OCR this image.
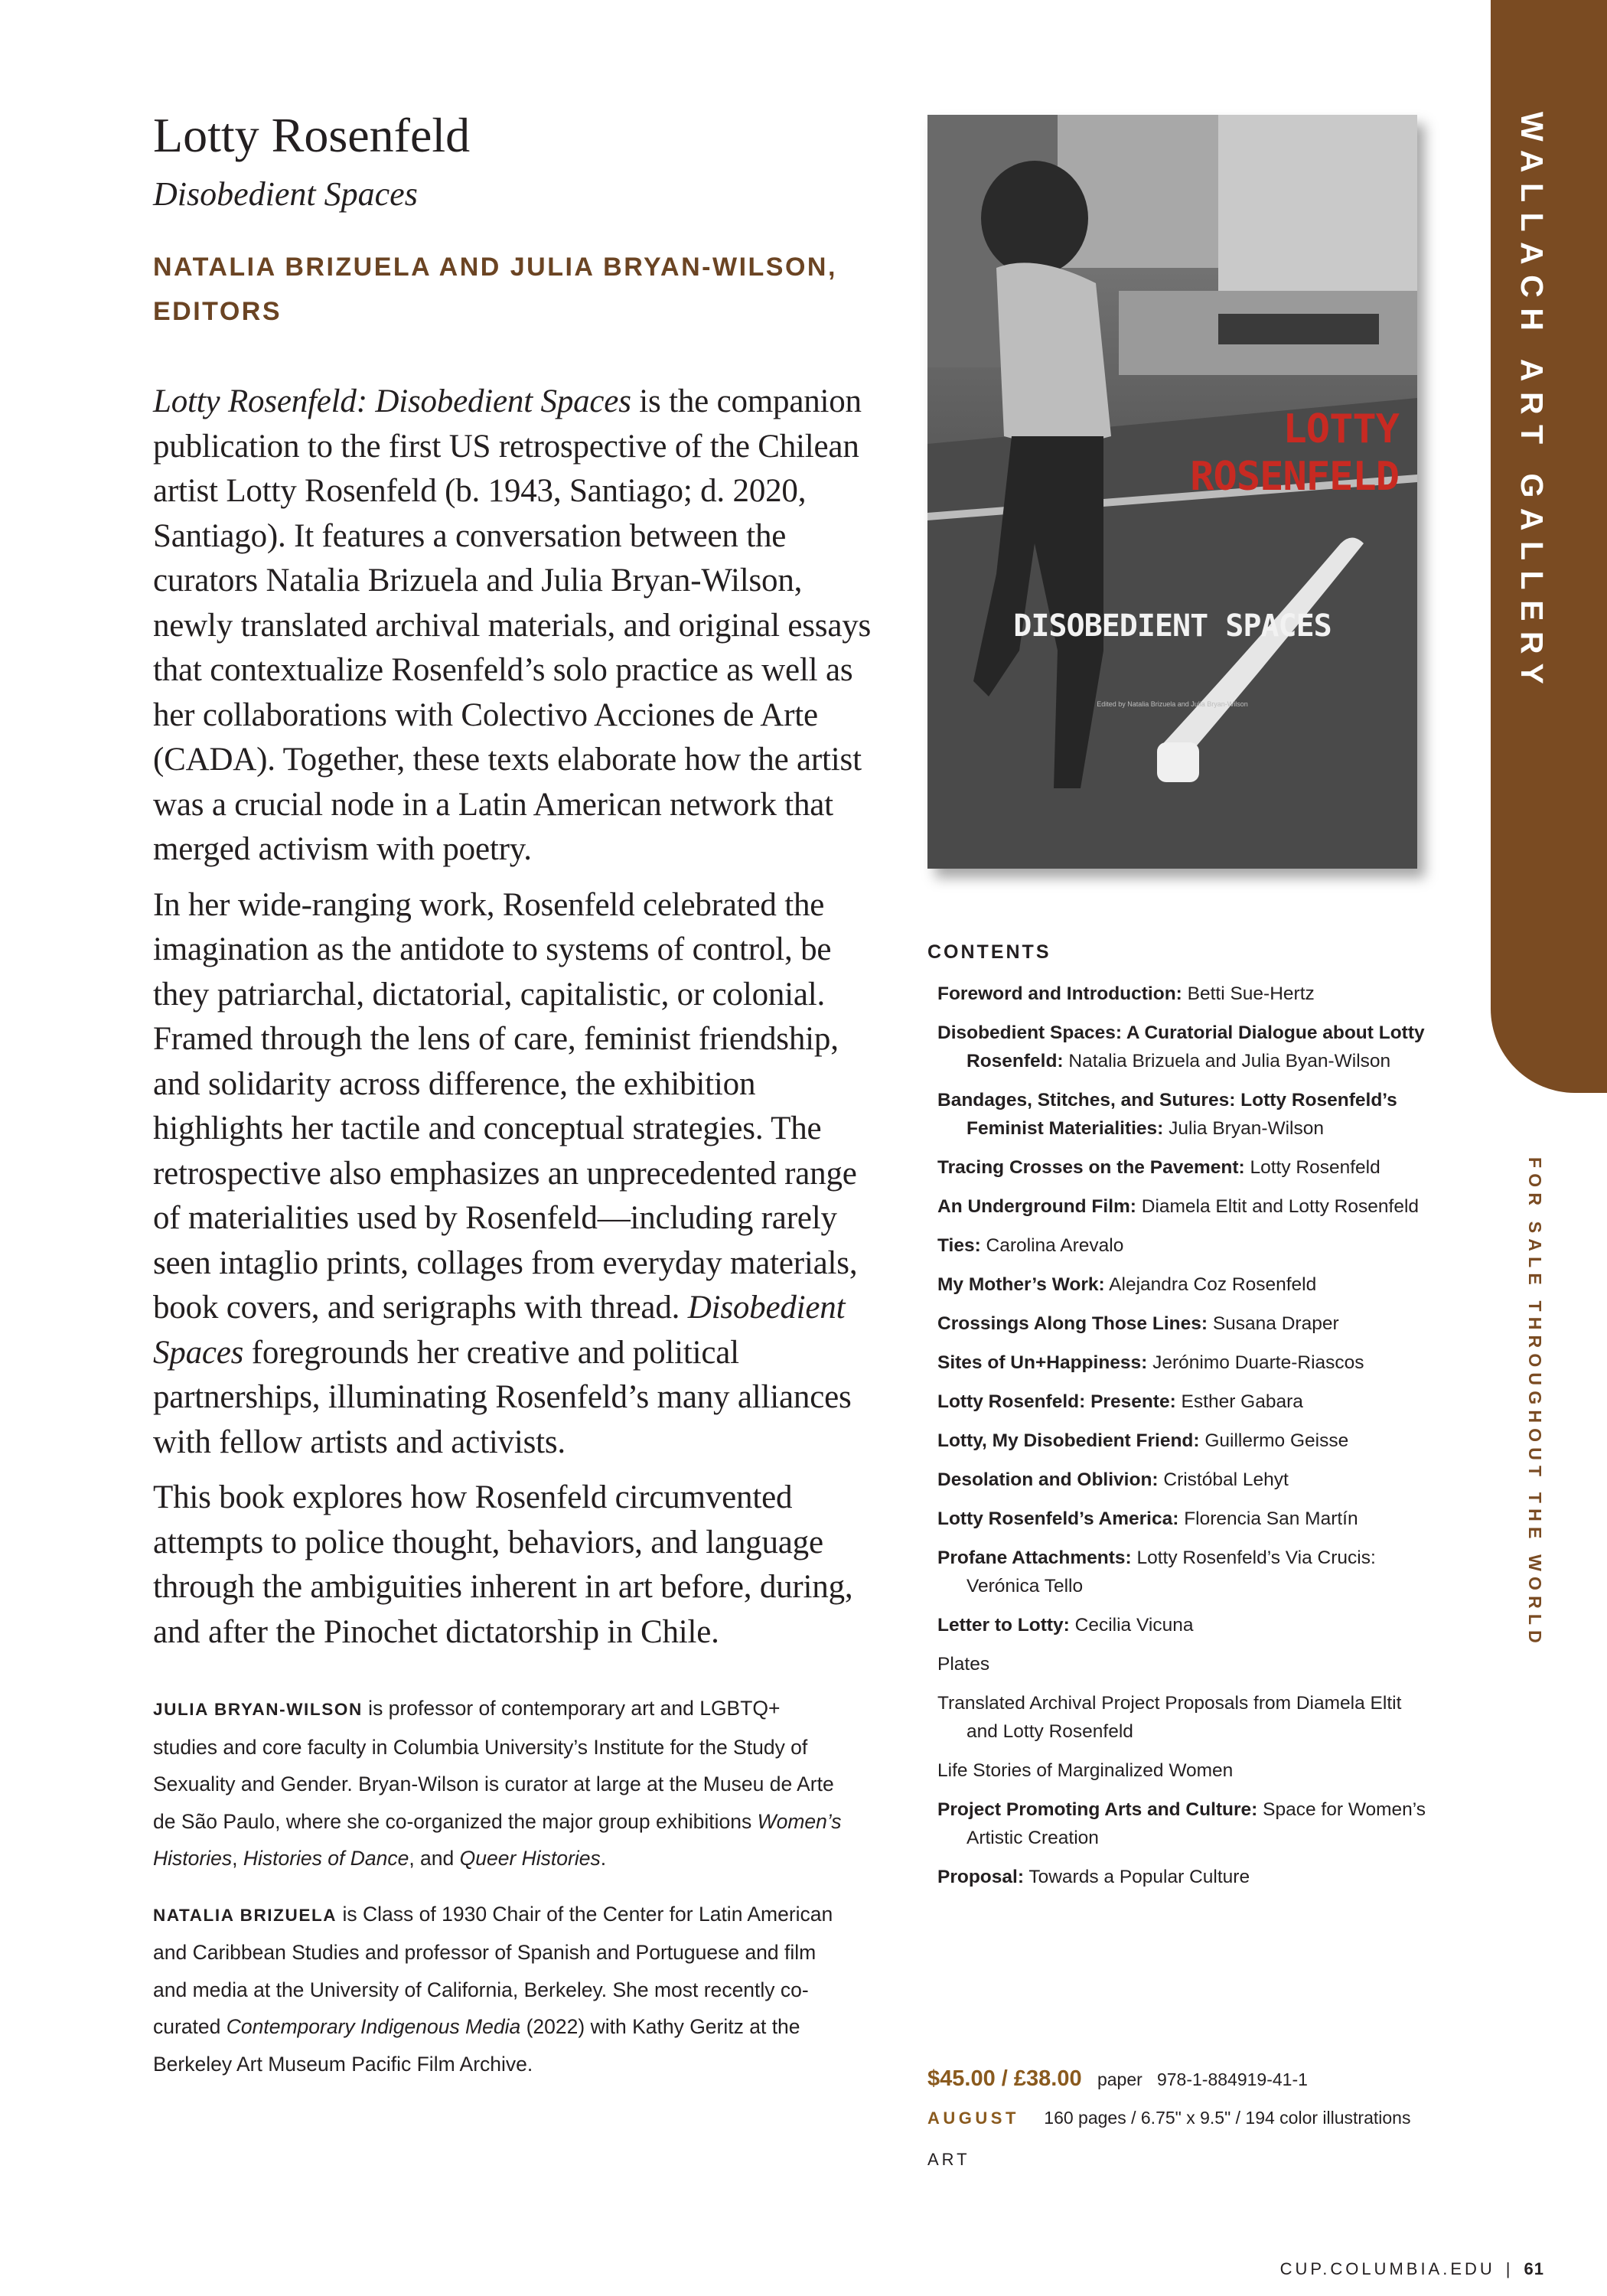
Lotty Rosenfeld
Disobedient Spaces
NATALIA BRIZUELA AND JULIA BRYAN-WILSON,
EDITORS

Lotty Rosenfeld: Disobedient Spaces is the companion publication to the first US retrospective of the Chilean artist Lotty Rosenfeld (b. 1943, Santiago; d. 2020, Santiago). It features a conversation between the curators Natalia Brizuela and Julia Bryan-Wilson, newly translated archival materials, and original essays that contextualize Rosenfeld’s solo practice as well as her collaborations with Colectivo Acciones de Arte (CADA). Together, these texts elaborate how the artist was a crucial node in a Latin American network that merged activism with poetry.

In her wide-ranging work, Rosenfeld celebrated the imagination as the antidote to systems of control, be they patriarchal, dictatorial, capitalistic, or colonial. Framed through the lens of care, feminist friendship, and solidarity across difference, the exhibition highlights her tactile and conceptual strategies. The retrospective also emphasizes an unprecedented range of materialities used by Rosenfeld—including rarely seen intaglio prints, collages from everyday materials, book covers, and serigraphs with thread. Disobedient Spaces foregrounds her creative and political partnerships, illuminating Rosenfeld’s many alliances with fellow artists and activists.

This book explores how Rosenfeld circumvented attempts to police thought, behaviors, and language through the ambiguities inherent in art before, during, and after the Pinochet dictatorship in Chile.

JULIA BRYAN-WILSON is professor of contemporary art and LGBTQ+ studies and core faculty in Columbia University’s Institute for the Study of Sexuality and Gender. Bryan-Wilson is curator at large at the Museu de Arte de São Paulo, where she co-organized the major group exhibitions Women’s Histories, Histories of Dance, and Queer Histories.

NATALIA BRIZUELA is Class of 1930 Chair of the Center for Latin American and Caribbean Studies and professor of Spanish and Portuguese and film and media at the University of California, Berkeley. She most recently co-curated Contemporary Indigenous Media (2022) with Kathy Geritz at the Berkeley Art Museum Pacific Film Archive.

LOTTY
ROSENFELD
DISOBEDIENT SPACES
Edited by Natalia Brizuela and Julia Bryan-Wilson
CONTENTS
Foreword and Introduction: Betti Sue-Hertz
Disobedient Spaces: A Curatorial Dialogue about Lotty Rosenfeld: Natalia Brizuela and Julia Byan-Wilson
Bandages, Stitches, and Sutures: Lotty Rosenfeld’s Feminist Materialities: Julia Bryan-Wilson
Tracing Crosses on the Pavement: Lotty Rosenfeld
An Underground Film: Diamela Eltit and Lotty Rosenfeld
Ties: Carolina Arevalo
My Mother’s Work: Alejandra Coz Rosenfeld
Crossings Along Those Lines: Susana Draper
Sites of Un+Happiness: Jerónimo Duarte-Riascos
Lotty Rosenfeld: Presente: Esther Gabara
Lotty, My Disobedient Friend: Guillermo Geisse
Desolation and Oblivion: Cristóbal Lehyt
Lotty Rosenfeld’s America: Florencia San Martín
Profane Attachments: Lotty Rosenfeld’s Via Crucis: Verónica Tello
Letter to Lotty: Cecilia Vicuna
Plates
Translated Archival Project Proposals from Diamela Eltit and Lotty Rosenfeld
Life Stories of Marginalized Women
Project Promoting Arts and Culture: Space for Women’s Artistic Creation
Proposal: Towards a Popular Culture
$45.00 / £38.00 paper 978-1-884919-41-1
AUGUST 160 pages / 6.75" x 9.5" / 194 color illustrations
ART
CUP.COLUMBIA.EDU | 61
WALLACH ART GALLERY
FOR SALE THROUGHOUT THE WORLD
